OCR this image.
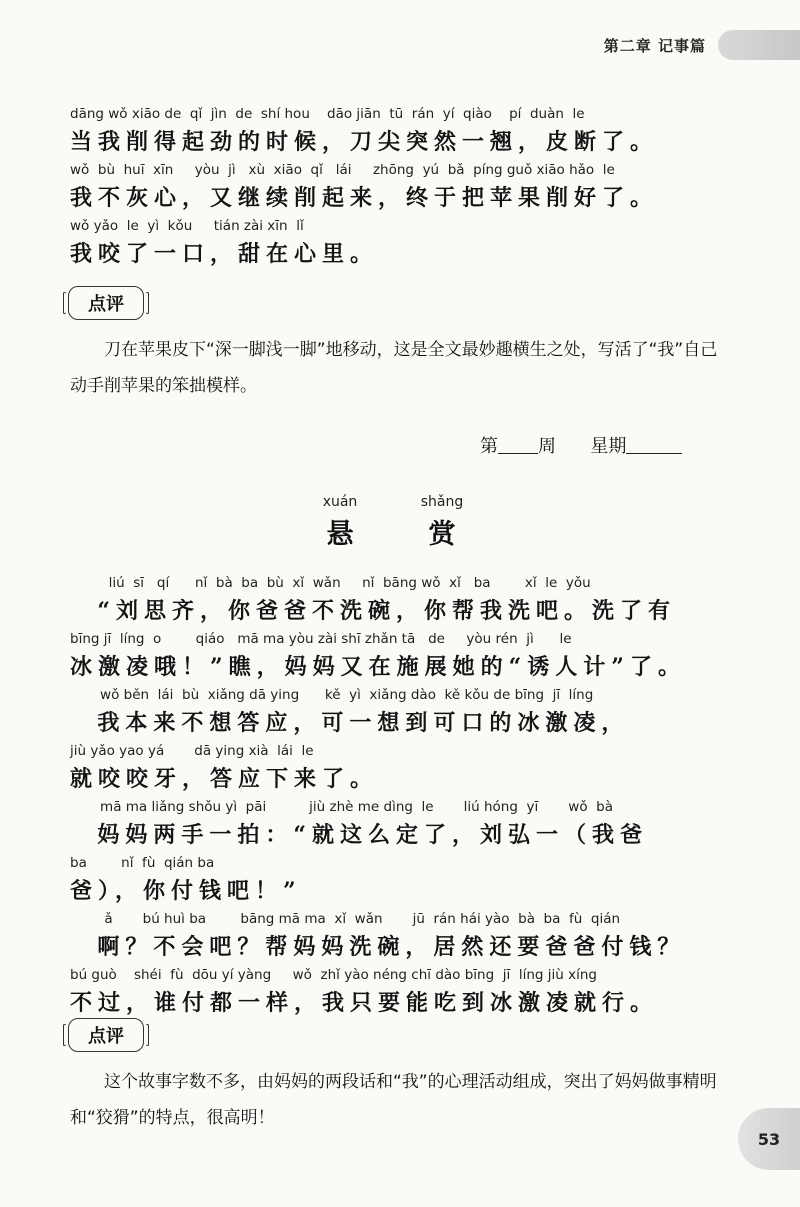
第二章 记事篇
dāng wǒ xiāo de  qǐ  jìn  de  shí hou    dāo jiān  tū  rán  yí  qiào    pí  duàn  le
当我削得起劲的时候，刀尖突然一翘，皮断了。
wǒ  bù  huī  xīn     yòu  jì   xù  xiāo  qǐ   lái     zhōng  yú  bǎ  píng guǒ xiāo hǎo  le
我不灰心，又继续削起来，终于把苹果削好了。
wǒ yǎo  le  yì  kǒu     tián zài xīn  lǐ
我咬了一口，甜在心里。
点评
刀在苹果皮下“深一脚浅一脚”地移动，这是全文最妙趣横生之处，写活了“我”自己动手削苹果的笨拙模样。
第 周 星期
xuán
悬
shǎng
赏
liú  sī   qí      nǐ  bà  ba  bù  xǐ  wǎn     nǐ  bāng wǒ  xǐ   ba        xǐ  le  yǒu
“刘思齐，你爸爸不洗碗，你帮我洗吧。洗了有
bīng jī  líng  o        qiáo   mā ma yòu zài shī zhǎn tā   de     yòu rén  jì      le
冰激凌哦！”瞧，妈妈又在施展她的“诱人计”了。
wǒ běn  lái  bù  xiǎng dā ying      kě  yì  xiǎng dào  kě kǒu de bīng  jī  líng
我本来不想答应，可一想到可口的冰激凌，
jiù yǎo yao yá       dā ying xià  lái  le
就咬咬牙，答应下来了。
mā ma liǎng shǒu yì  pāi          jiù zhè me dìng  le       liú hóng  yī       wǒ  bà
妈妈两手一拍：“就这么定了，刘弘一（我爸
ba        nǐ  fù  qián ba
爸），你付钱吧！”
ǎ       bú huì ba        bāng mā ma  xǐ  wǎn       jū  rán hái yào  bà  ba  fù  qián
啊？不会吧？帮妈妈洗碗，居然还要爸爸付钱？
bú guò    shéi  fù  dōu yí yàng     wǒ  zhǐ yào néng chī dào bīng  jī  líng jiù xíng
不过，谁付都一样，我只要能吃到冰激凌就行。
点评
这个故事字数不多，由妈妈的两段话和“我”的心理活动组成，突出了妈妈做事精明和“狡猾”的特点，很高明！
53
